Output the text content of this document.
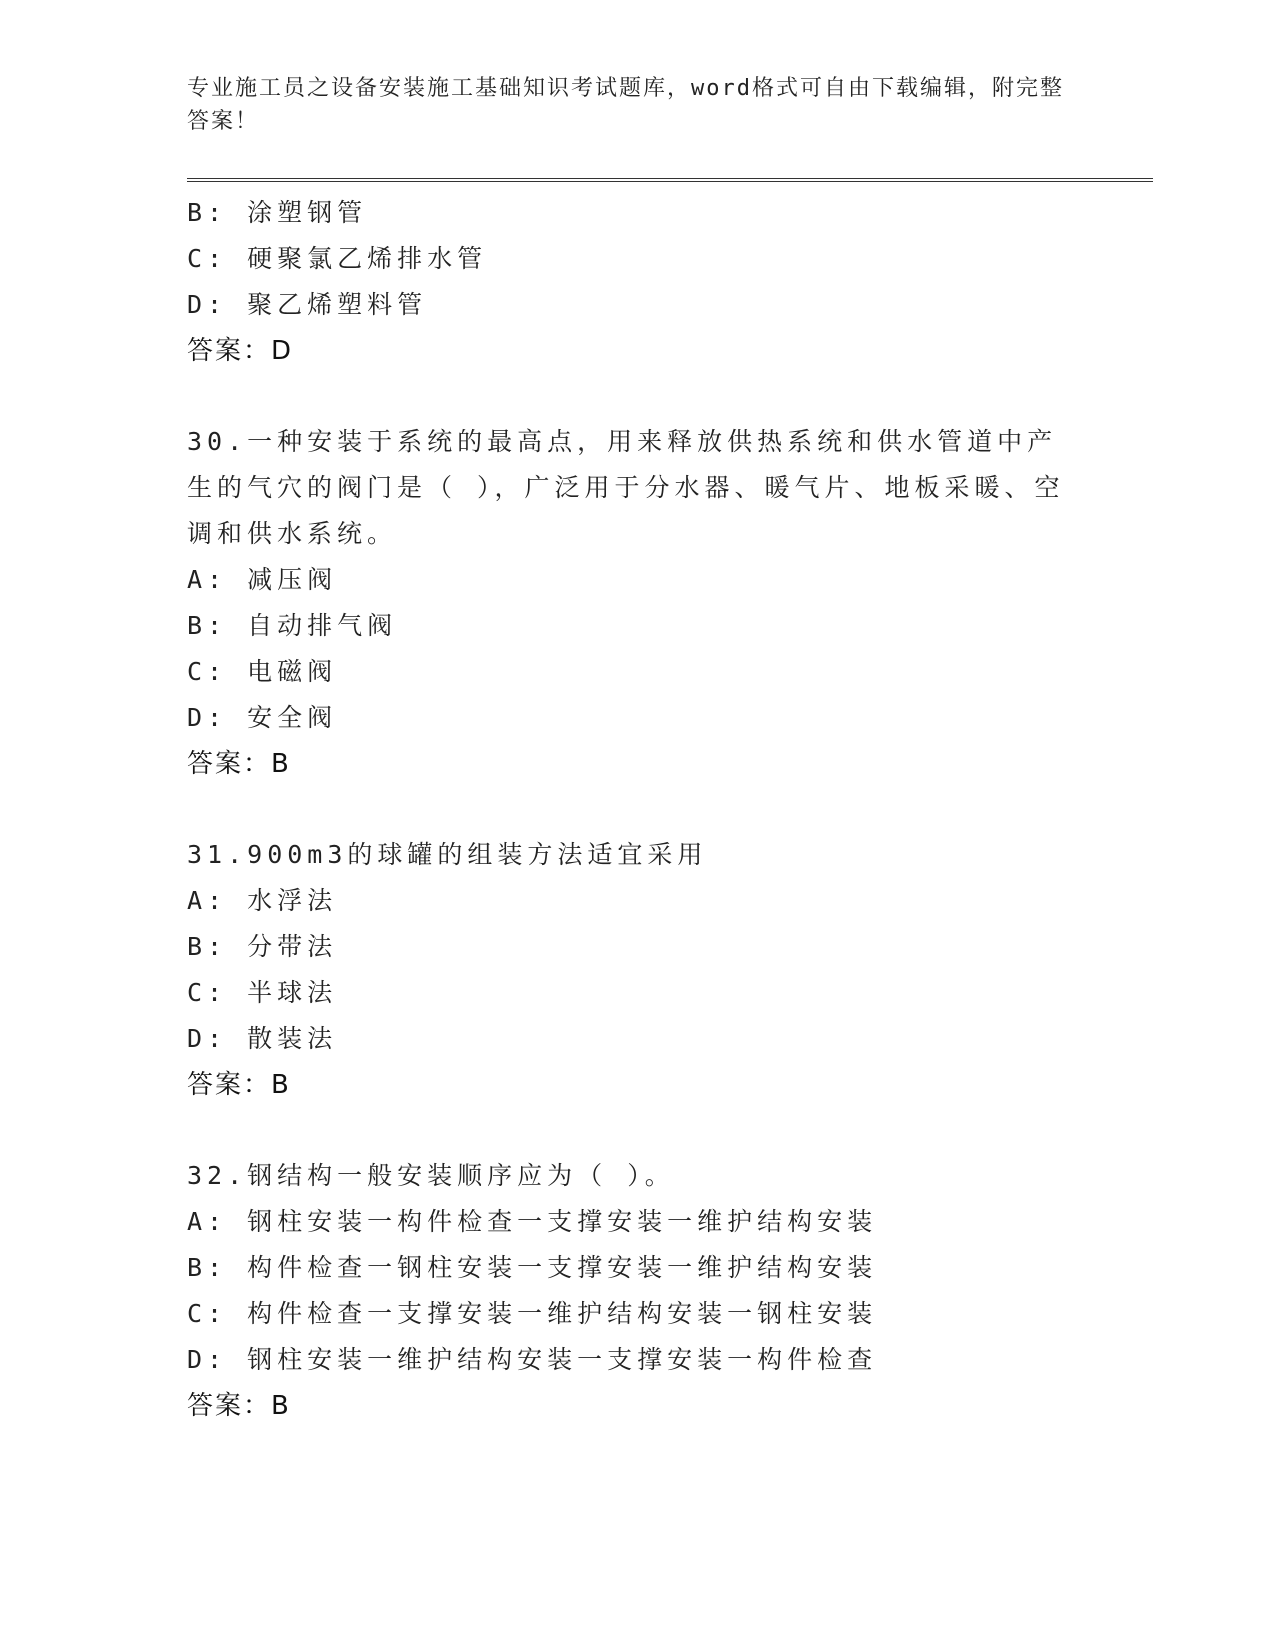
专业施工员之设备安装施工基础知识考试题库，word格式可自由下载编辑，附完整答案！
B: 涂塑钢管
C: 硬聚氯乙烯排水管
D: 聚乙烯塑料管
答案：D
30.一种安装于系统的最高点，用来释放供热系统和供水管道中产生的气穴的阀门是（ ），广泛用于分水器、暖气片、地板采暖、空调和供水系统。
A: 减压阀
B: 自动排气阀
C: 电磁阀
D: 安全阀
答案：B
31.900m3的球罐的组装方法适宜采用
A: 水浮法
B: 分带法
C: 半球法
D: 散装法
答案：B
32.钢结构一般安装顺序应为（ ）。
A: 钢柱安装一构件检查一支撑安装一维护结构安装
B: 构件检查一钢柱安装一支撑安装一维护结构安装
C: 构件检查一支撑安装一维护结构安装一钢柱安装
D: 钢柱安装一维护结构安装一支撑安装一构件检查
答案：B
